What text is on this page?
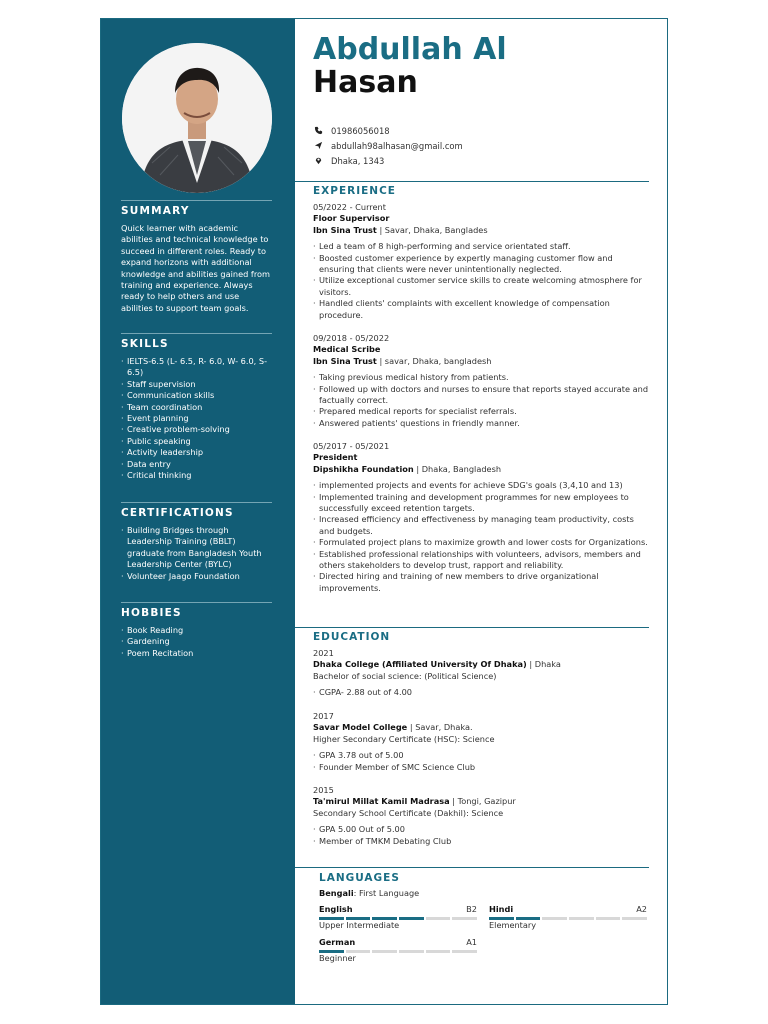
SUMMARY
Quick learner with academic abilities and technical knowledge to succeed in different roles. Ready to expand horizons with additional knowledge and abilities gained from training and experience. Always ready to help others and use abilities to support team goals.
SKILLS
· IELTS-6.5 (L- 6.5, R- 6.0, W- 6.0, S- 6.5)
· Staff supervision
· Communication skills
· Team coordination
· Event planning
· Creative problem-solving
· Public speaking
· Activity leadership
· Data entry
· Critical thinking
CERTIFICATIONS
· Building Bridges through Leadership Training (BBLT) graduate from Bangladesh Youth Leadership Center (BYLC)
· Volunteer Jaago Foundation
HOBBIES
· Book Reading
· Gardening
· Poem Recitation
Abdullah Al
Hasan
01986056018
abdullah98alhasan@gmail.com
Dhaka, 1343
EXPERIENCE
05/2022 - Current
Floor Supervisor
Ibn Sina Trust | Savar, Dhaka, Banglades
· Led a team of 8 high-performing and service orientated staff.
· Boosted customer experience by expertly managing customer flow and ensuring that clients were never unintentionally neglected.
· Utilize exceptional customer service skills to create welcoming atmosphere for visitors.
· Handled clients' complaints with excellent knowledge of compensation procedure.
09/2018 - 05/2022
Medical Scribe
Ibn Sina Trust | savar, Dhaka, bangladesh
· Taking previous medical history from patients.
· Followed up with doctors and nurses to ensure that reports stayed accurate and factually correct.
· Prepared medical reports for specialist referrals.
· Answered patients' questions in friendly manner.
05/2017 - 05/2021
President
Dipshikha Foundation | Dhaka, Bangladesh
· implemented projects and events for achieve SDG's goals (3,4,10 and 13)
· Implemented training and development programmes for new employees to successfully exceed retention targets.
· Increased efficiency and effectiveness by managing team productivity, costs and budgets.
· Formulated project plans to maximize growth and lower costs for Organizations.
· Established professional relationships with volunteers, advisors, members and others stakeholders to develop trust, rapport and reliability.
· Directed hiring and training of new members to drive organizational improvements.
EDUCATION
2021
Dhaka College (Affiliated University Of Dhaka) | Dhaka
Bachelor of social science: (Political Science)
· CGPA- 2.88 out of 4.00
2017
Savar Model College | Savar, Dhaka.
Higher Secondary Certificate (HSC): Science
· GPA 3.78 out of 5.00
· Founder Member of SMC Science Club
2015
Ta'mirul Millat Kamil Madrasa | Tongi, Gazipur
Secondary School Certificate (Dakhil): Science
· GPA 5.00 Out of 5.00
· Member of TMKM Debating Club
LANGUAGES
Bengali: First Language
English	B2
Upper Intermediate
Hindi	A2
Elementary
German	A1
Beginner
